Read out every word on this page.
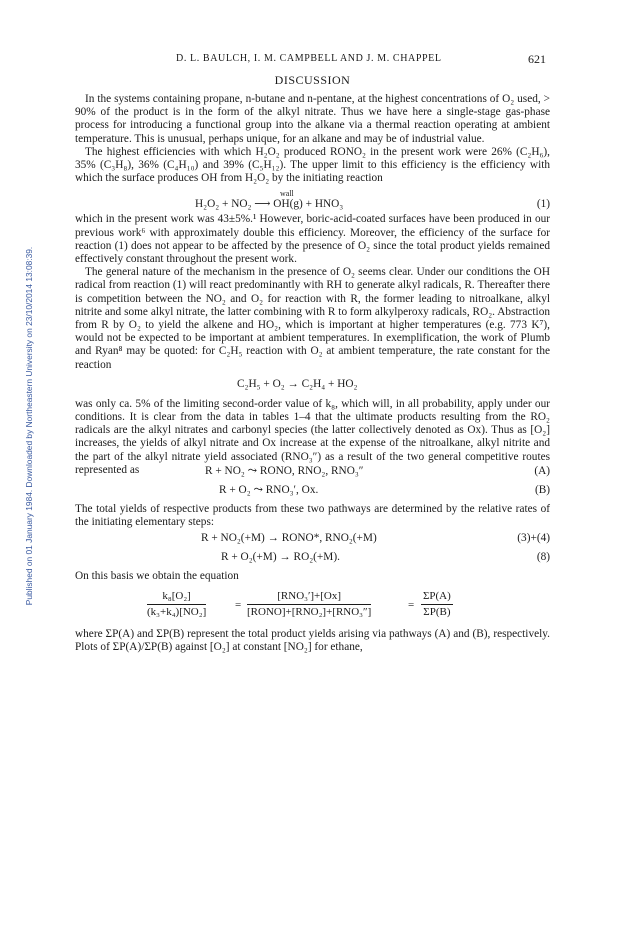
Published on 01 January 1984. Downloaded by Northeastern University on 23/10/2014 13:08:39.
D. L. BAULCH, I. M. CAMPBELL AND J. M. CHAPPEL	621
DISCUSSION

In the systems containing propane, n-butane and n-pentane, at the highest concentrations of O₂ used, > 90% of the product is in the form of the alkyl nitrate. Thus we have here a single-stage gas-phase process for introducing a functional group into the alkane via a thermal reaction operating at ambient temperature. This is unusual, perhaps unique, for an alkane and may be of industrial value.

The highest efficiencies with which H₂O₂ produced RONO₂ in the present work were 26% (C₂H₆), 35% (C₃H₈), 36% (C₄H₁₀) and 39% (C₅H₁₂). The upper limit to this efficiency is the efficiency with which the surface produces OH from H₂O₂ by the initiating reaction

H₂O₂ + NO₂ ⟶ OH(g) + HNO₃
wall
(1)

which in the present work was 43±5%.¹ However, boric-acid-coated surfaces have been produced in our previous work⁶ with approximately double this efficiency. Moreover, the efficiency of the surface for reaction (1) does not appear to be affected by the presence of O₂ since the total product yields remained effectively constant throughout the present work.

The general nature of the mechanism in the presence of O₂ seems clear. Under our conditions the OH radical from reaction (1) will react predominantly with RH to generate alkyl radicals, R. Thereafter there is competition between the NO₂ and O₂ for reaction with R, the former leading to nitroalkane, alkyl nitrite and some alkyl nitrate, the latter combining with R to form alkylperoxy radicals, RO₂. Abstraction from R by O₂ to yield the alkene and HO₂, which is important at higher temperatures (e.g. 773 K⁷), would not be expected to be important at ambient temperatures. In exemplification, the work of Plumb and Ryan⁸ may be quoted: for C₂H₅ reaction with O₂ at ambient temperature, the rate constant for the reaction

C₂H₅ + O₂ → C₂H₄ + HO₂

was only ca. 5% of the limiting second-order value of k₈, which will, in all probability, apply under our conditions. It is clear from the data in tables 1–4 that the ultimate products resulting from the RO₂ radicals are the alkyl nitrates and carbonyl species (the latter collectively denoted as Ox). Thus as [O₂] increases, the yields of alkyl nitrate and Ox increase at the expense of the nitroalkane, alkyl nitrite and the part of the alkyl nitrate yield associated (RNO₃″) as a result of the two general competitive routes represented as	R + NO₂ ⤳ RONO, RNO₂, RNO₃″	(A)
R + O₂ ⤳ RNO₃′, Ox.	(B)

The total yields of respective products from these two pathways are determined by the relative rates of the initiating elementary steps:

R + NO₂(+M) → RONO*, RNO₂(+M)	(3)+(4)
R + O₂(+M) → RO₂(+M).	(8)

On this basis we obtain the equation

$\frac{\text{k₈[O₂]}}{\text{(k₃+k₄)[NO₂]}}$	=
[RNO₃′]+[Ox]
[RONO]+[RNO₂]+[RNO₃″]
= $\frac{\Sigma P(A)}{\Sigma P(B)}$

where ΣP(A) and ΣP(B) represent the total product yields arising via pathways (A) and (B), respectively. Plots of ΣP(A)/ΣP(B) against [O₂] at constant [NO₂] for ethane,
